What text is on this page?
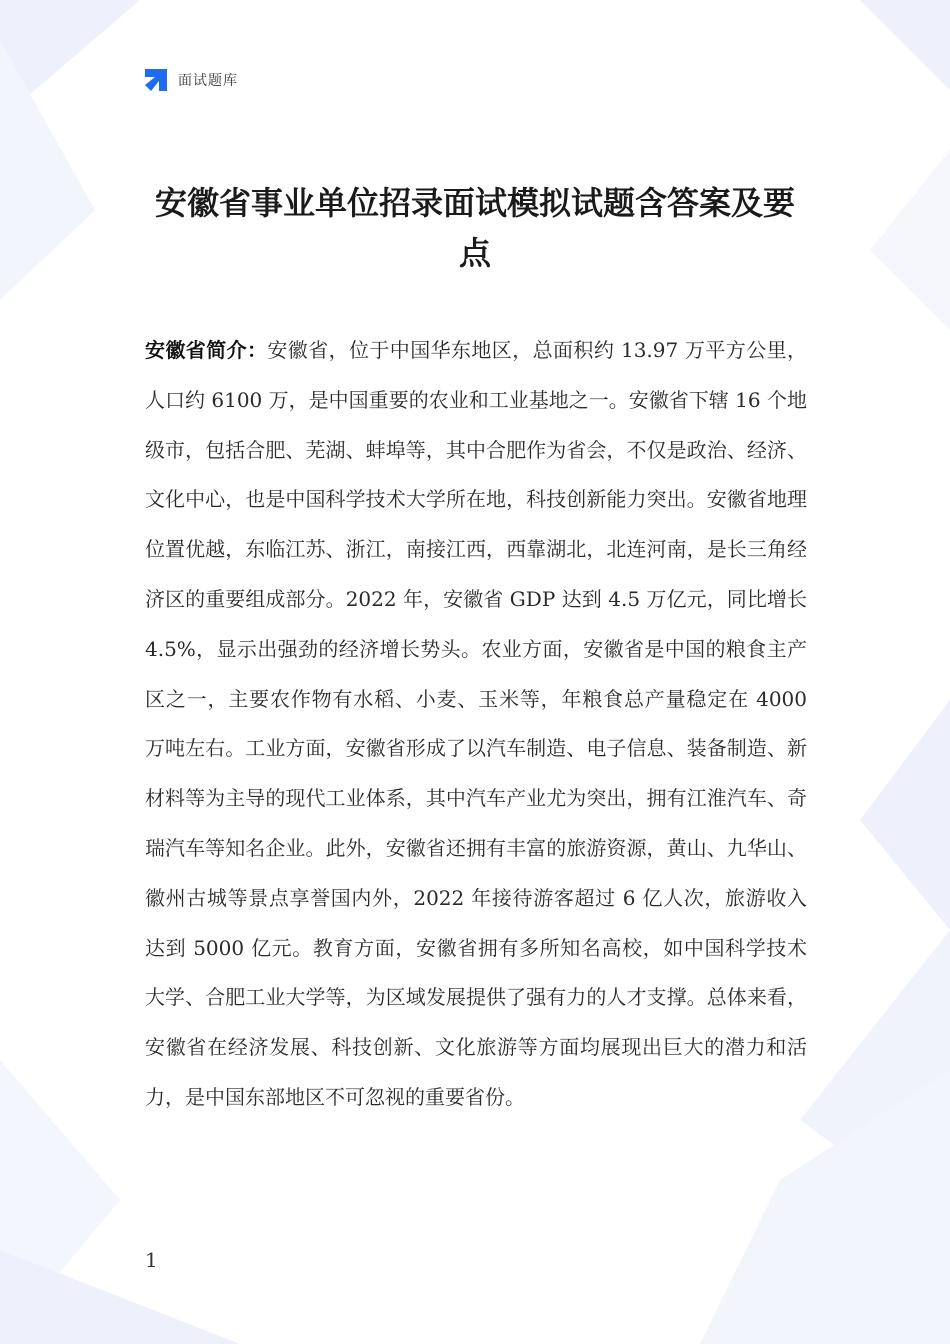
面试题库
安徽省事业单位招录面试模拟试题含答案及要点
安徽省简介：安徽省，位于中国华东地区，总面积约 13.97 万平方公里，人口约 6100 万，是中国重要的农业和工业基地之一。安徽省下辖 16 个地级市，包括合肥、芜湖、蚌埠等，其中合肥作为省会，不仅是政治、经济、文化中心，也是中国科学技术大学所在地，科技创新能力突出。安徽省地理位置优越，东临江苏、浙江，南接江西，西靠湖北，北连河南，是长三角经济区的重要组成部分。2022 年，安徽省 GDP 达到 4.5 万亿元，同比增长 4.5%，显示出强劲的经济增长势头。农业方面，安徽省是中国的粮食主产区之一，主要农作物有水稻、小麦、玉米等，年粮食总产量稳定在 4000 万吨左右。工业方面，安徽省形成了以汽车制造、电子信息、装备制造、新材料等为主导的现代工业体系，其中汽车产业尤为突出，拥有江淮汽车、奇瑞汽车等知名企业。此外，安徽省还拥有丰富的旅游资源，黄山、九华山、徽州古城等景点享誉国内外，2022 年接待游客超过 6 亿人次，旅游收入达到 5000 亿元。教育方面，安徽省拥有多所知名高校，如中国科学技术大学、合肥工业大学等，为区域发展提供了强有力的人才支撑。总体来看，安徽省在经济发展、科技创新、文化旅游等方面均展现出巨大的潜力和活力，是中国东部地区不可忽视的重要省份。
1
